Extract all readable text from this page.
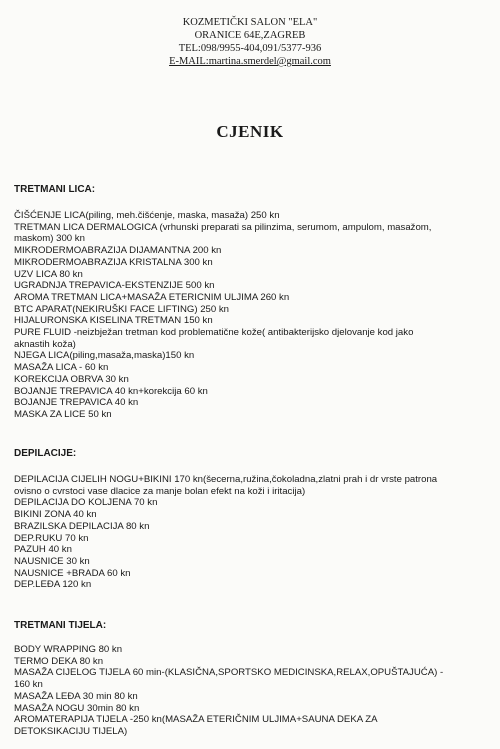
KOZMETIČKI SALON "ELA"
ORANICE 64E,ZAGREB
TEL:098/9955-404,091/5377-936
E-MAIL:martina.smerdel@gmail.com
CJENIK
TRETMANI LICA:
ČIŠĆENJE LICA(piling, meh.čišćenje, maska, masaža) 250 kn
TRETMAN LICA DERMALOGICA (vrhunski preparati sa pilinzima, serumom, ampulom, masažom,
maskom) 300 kn
MIKRODERMOABRAZIJA DIJAMANTNA 200 kn
MIKRODERMOABRAZIJA KRISTALNA 300 kn
UZV LICA 80 kn
UGRADNJA TREPAVICA-EKSTENZIJE 500 kn
AROMA TRETMAN LICA+MASAŽA ETERICNIM ULJIMA 260 kn
BTC APARAT(NEKIRUŠKI FACE LIFTING) 250 kn
HIJALURONSKA KISELINA TRETMAN 150 kn
PURE FLUID -neizbježan tretman kod problematične kože( antibakterijsko djelovanje kod jako
aknastih koža)
NJEGA LICA(piling,masaža,maska)150 kn
MASAŽA LICA - 60 kn
KOREKCIJA OBRVA 30 kn
BOJANJE TREPAVICA 40 kn+korekcija 60 kn
BOJANJE TREPAVICA 40 kn
MASKA ZA LICE 50 kn
DEPILACIJE:
DEPILACIJA CIJELIH NOGU+BIKINI 170 kn(šecerna,ružina,čokoladna,zlatni prah i dr vrste patrona
ovisno o cvrstoci vase dlacice za manje bolan efekt na koži i iritacija)
DEPILACIJA DO KOLJENA 70 kn
BIKINI ZONA 40 kn
BRAZILSKA DEPILACIJA 80 kn
DEP.RUKU 70 kn
PAZUH 40 kn
NAUSNICE 30 kn
NAUSNICE +BRADA 60 kn
DEP.LEĐA 120 kn
TRETMANI TIJELA:
BODY WRAPPING 80 kn
TERMO DEKA 80 kn
MASAŽA CIJELOG TIJELA 60 min-(KLASIČNA,SPORTSKO MEDICINSKA,RELAX,OPUŠTAJUĆA) -
160 kn
MASAŽA LEĐA 30 min 80 kn
MASAŽA NOGU 30min 80 kn
AROMATERAPIJA TIJELA -250 kn(MASAŽA ETERIČNIM ULJIMA+SAUNA DEKA ZA
DETOKSIKACIJU TIJELA)
